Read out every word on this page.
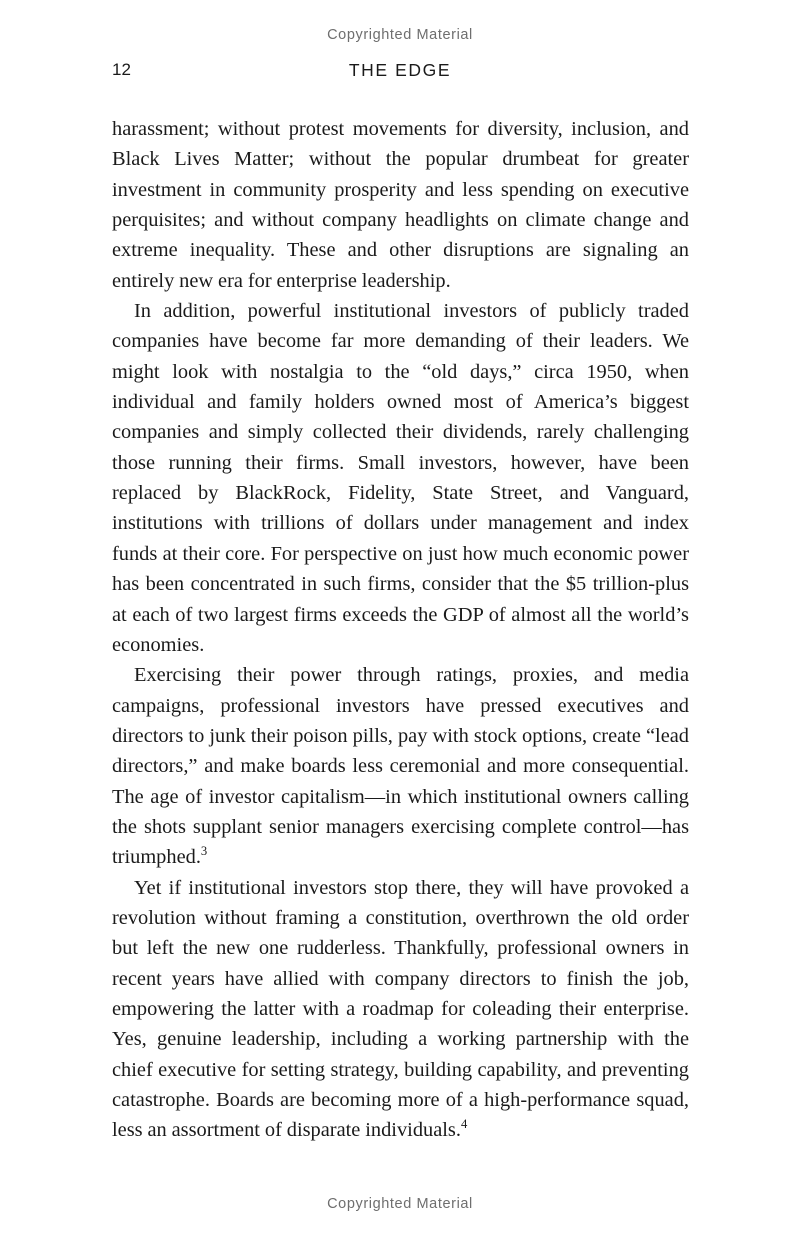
Copyrighted Material
12	THE EDGE

harassment; without protest movements for diversity, inclusion, and Black Lives Matter; without the popular drumbeat for greater investment in community prosperity and less spending on executive perquisites; and without company headlights on climate change and extreme inequality. These and other disruptions are signaling an entirely new era for enterprise leadership.

In addition, powerful institutional investors of publicly traded companies have become far more demanding of their leaders. We might look with nostalgia to the “old days,” circa 1950, when individual and family holders owned most of America’s biggest companies and simply collected their dividends, rarely challenging those running their firms. Small investors, however, have been replaced by BlackRock, Fidelity, State Street, and Vanguard, institutions with trillions of dollars under management and index funds at their core. For perspective on just how much economic power has been concentrated in such firms, consider that the $5 trillion-plus at each of two largest firms exceeds the GDP of almost all the world’s economies.

Exercising their power through ratings, proxies, and media campaigns, professional investors have pressed executives and directors to junk their poison pills, pay with stock options, create “lead directors,” and make boards less ceremonial and more consequential. The age of investor capitalism—in which institutional owners calling the shots supplant senior managers exercising complete control—has triumphed.$^3$

Yet if institutional investors stop there, they will have provoked a revolution without framing a constitution, overthrown the old order but left the new one rudderless. Thankfully, professional owners in recent years have allied with company directors to finish the job, empowering the latter with a roadmap for coleading their enterprise. Yes, genuine leadership, including a working partnership with the chief executive for setting strategy, building capability, and preventing catastrophe. Boards are becoming more of a high-performance squad, less an assortment of disparate individuals.$^4$

Copyrighted Material
